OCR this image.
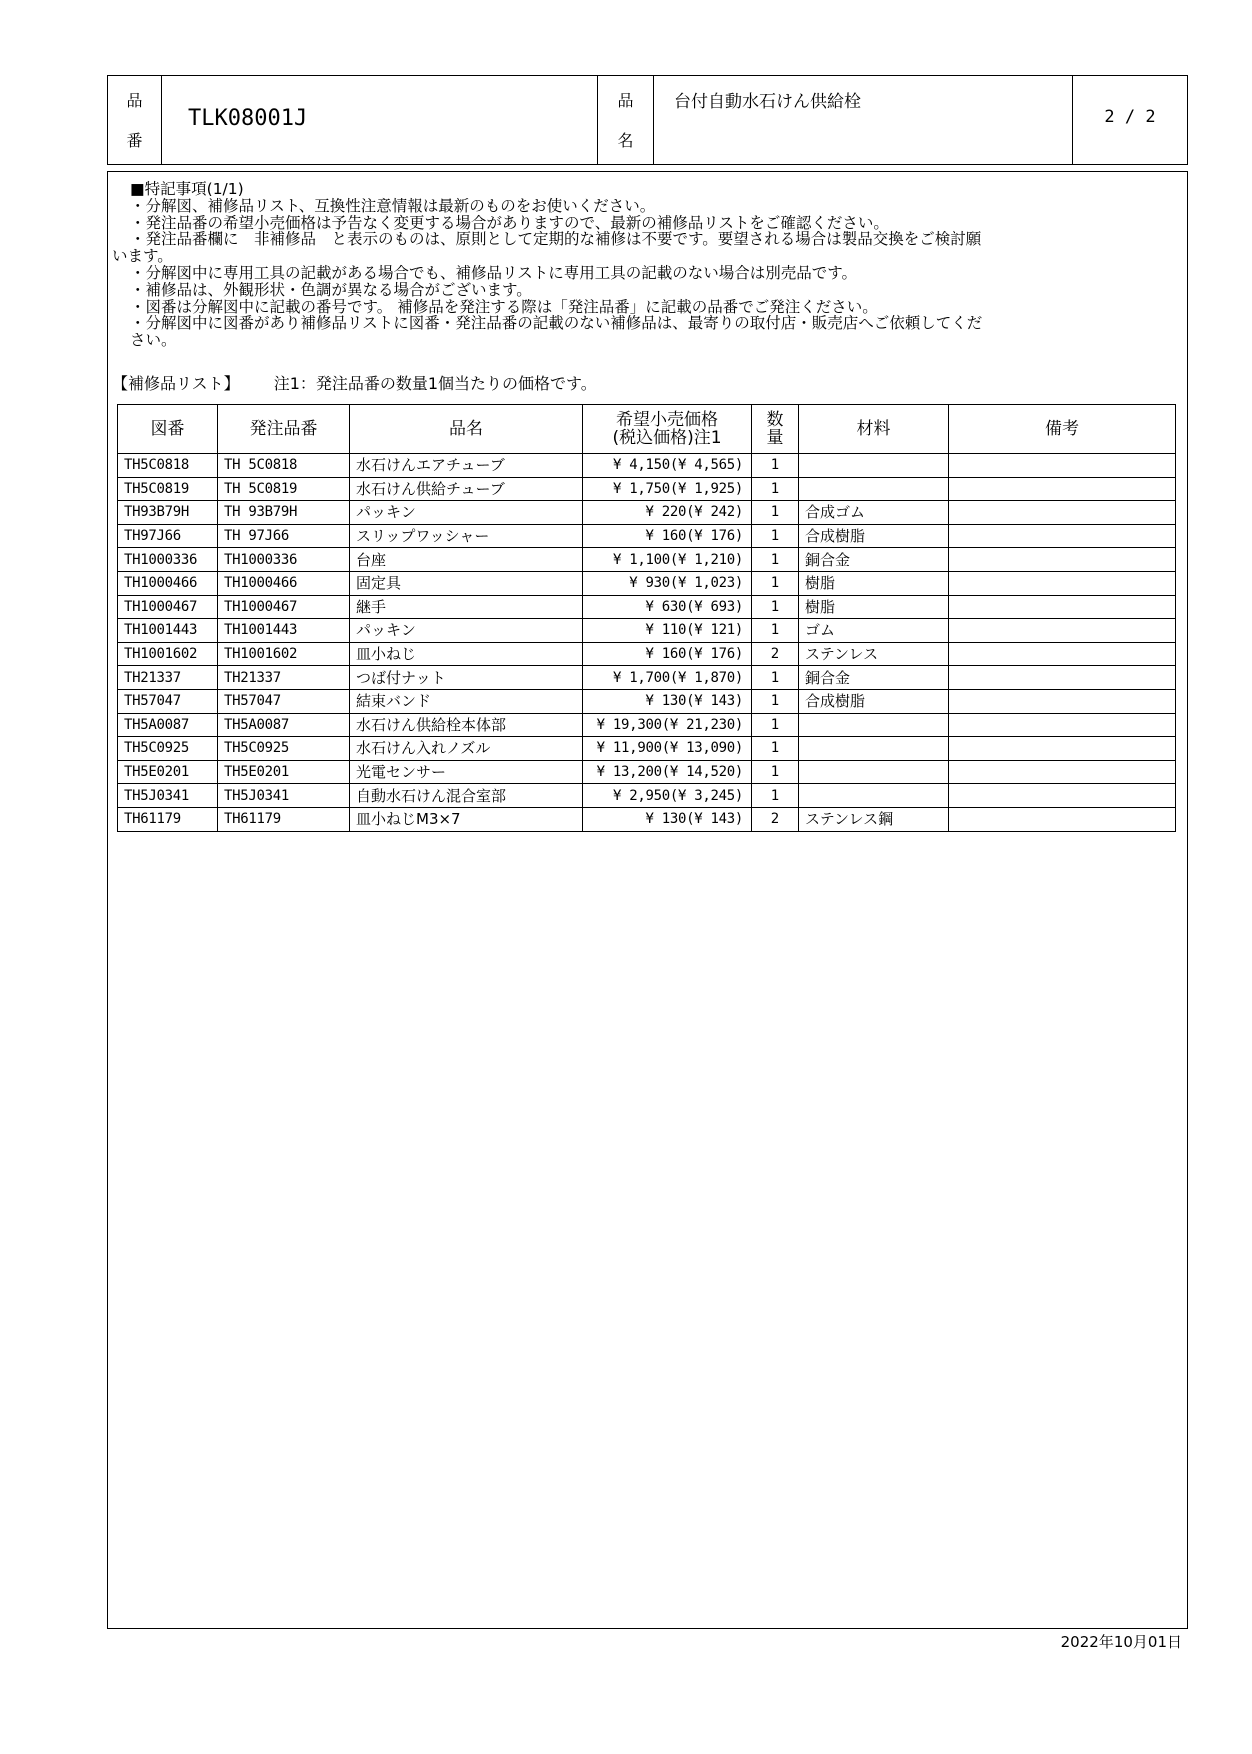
品
番
TLK08001J
品
名
台付自動水石けん供給栓
2 / 2
■特記事項(1/1)
・分解図、補修品リスト、互換性注意情報は最新のものをお使いください。
・発注品番の希望小売価格は予告なく変更する場合がありますので、最新の補修品リストをご確認ください。
・発注品番欄に　非補修品　と表示のものは、原則として定期的な補修は不要です。要望される場合は製品交換をご検討願
います。
・分解図中に専用工具の記載がある場合でも、補修品リストに専用工具の記載のない場合は別売品です。
・補修品は、外観形状・色調が異なる場合がございます。
・図番は分解図中に記載の番号です。 補修品を発注する際は「発注品番」に記載の品番でご発注ください。
・分解図中に図番があり補修品リストに図番・発注品番の記載のない補修品は、最寄りの取付店・販売店へご依頼してくだ
さい。
【補修品リスト】 注1：発注品番の数量1個当たりの価格です。
図番	発注品番	品名	希望小売価格
(税込価格)注1	数
量	材料	備考
TH5C0818	TH 5C0818	水石けんエアチューブ	¥ 4,150(¥ 4,565)	1		
TH5C0819	TH 5C0819	水石けん供給チューブ	¥ 1,750(¥ 1,925)	1		
TH93B79H	TH 93B79H	パッキン	¥ 220(¥ 242)	1	合成ゴム	
TH97J66	TH 97J66	スリップワッシャー	¥ 160(¥ 176)	1	合成樹脂	
TH1000336	TH1000336	台座	¥ 1,100(¥ 1,210)	1	銅合金	
TH1000466	TH1000466	固定具	¥ 930(¥ 1,023)	1	樹脂	
TH1000467	TH1000467	継手	¥ 630(¥ 693)	1	樹脂	
TH1001443	TH1001443	パッキン	¥ 110(¥ 121)	1	ゴム	
TH1001602	TH1001602	皿小ねじ	¥ 160(¥ 176)	2	ステンレス	
TH21337	TH21337	つば付ナット	¥ 1,700(¥ 1,870)	1	銅合金	
TH57047	TH57047	結束バンド	¥ 130(¥ 143)	1	合成樹脂	
TH5A0087	TH5A0087	水石けん供給栓本体部	¥ 19,300(¥ 21,230)	1		
TH5C0925	TH5C0925	水石けん入れノズル	¥ 11,900(¥ 13,090)	1		
TH5E0201	TH5E0201	光電センサー	¥ 13,200(¥ 14,520)	1		
TH5J0341	TH5J0341	自動水石けん混合室部	¥ 2,950(¥ 3,245)	1		
TH61179	TH61179	皿小ねじM3×7	¥ 130(¥ 143)	2	ステンレス鋼	
2022年10月01日
